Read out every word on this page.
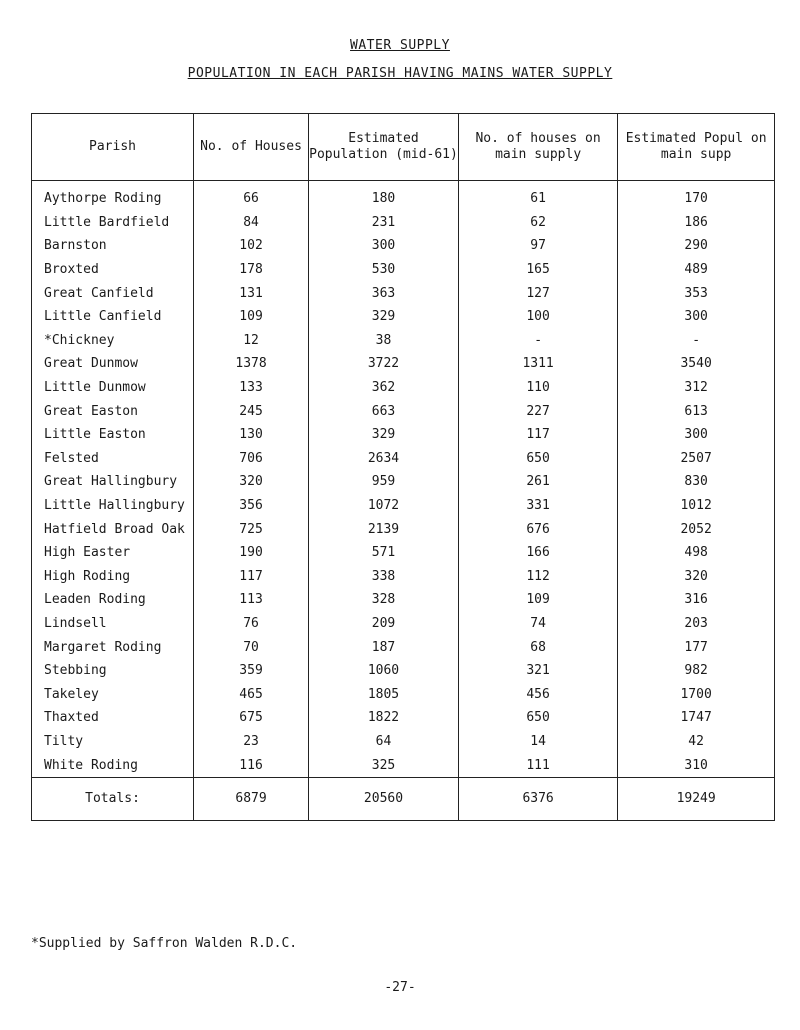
WATER SUPPLY
POPULATION IN EACH PARISH HAVING MAINS WATER SUPPLY
Parish	No. of Houses	Estimated Population (mid-61)	No. of houses on main supply	Estimated Popul on main supp

Aythorpe Roding	66	180	61	170
Little Bardfield	84	231	62	186
Barnston	102	300	97	290
Broxted	178	530	165	489
Great Canfield	131	363	127	353
Little Canfield	109	329	100	300
*Chickney	12	38	-	-
Great Dunmow	1378	3722	1311	3540
Little Dunmow	133	362	110	312
Great Easton	245	663	227	613
Little Easton	130	329	117	300
Felsted	706	2634	650	2507
Great Hallingbury	320	959	261	830
Little Hallingbury	356	1072	331	1012
Hatfield Broad Oak	725	2139	676	2052
High Easter	190	571	166	498
High Roding	117	338	112	320
Leaden Roding	113	328	109	316
Lindsell	76	209	74	203
Margaret Roding	70	187	68	177
Stebbing	359	1060	321	982
Takeley	465	1805	456	1700
Thaxted	675	1822	650	1747
Tilty	23	64	14	42
White Roding	116	325	111	310
Totals:	6879	20560	6376	19249
*Supplied by Saffron Walden R.D.C.
-27-
